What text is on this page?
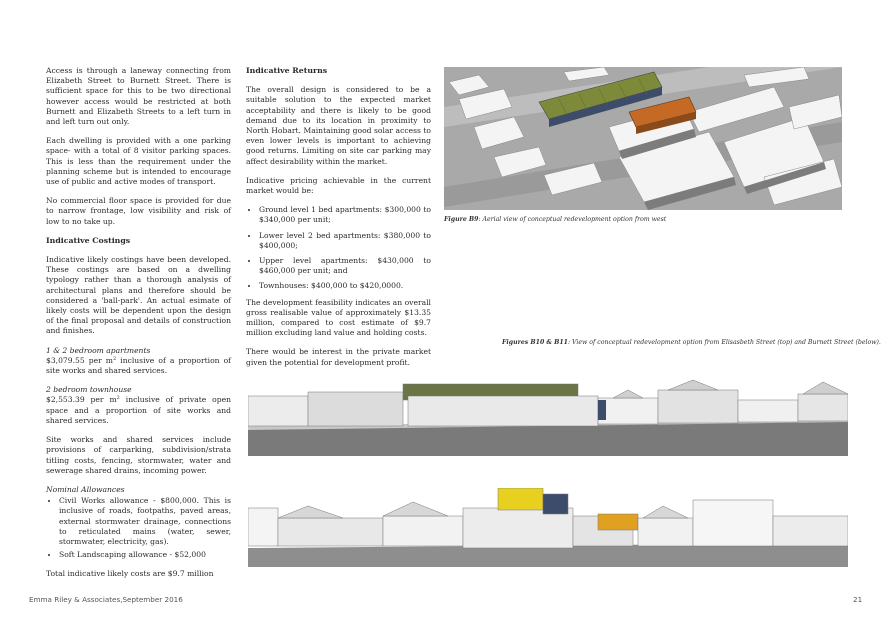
Access is through a laneway connecting from Elizabeth Street to Burnett Street. There is sufficient space for this to be two directional however access would be restricted at both Burnett and Elizabeth Streets to a left turn in and left turn out only.

Each dwelling is provided with a one parking space- with a total of 8 visitor parking spaces. This is less than the requirement under the planning scheme but is intended to encourage use of public and active modes of transport.

No commercial floor space is provided for due to narrow frontage, low visibility and risk of low to no take up.

Indicative Costings

Indicative likely costings have been developed. These costings are based on a dwelling typology rather than a thorough analysis of architectural plans and therefore should be considered a 'ball-park'. An actual esimate of likely costs will be dependent upon the design of the final proposal and details of construction and finishes.

1 & 2 bedroom apartments
$3,079.55 per $m^2$ inclusive of a proportion of site works and shared services.

2 bedroom townhouse
$2,553.39 per $m^2$ inclusive of private open space and a proportion of site works and shared services.

Site works and shared services include provisions of carparking, subdivision/strata titling costs, fencing, stormwater, water and sewerage shared drains, incoming power.

Nominal Allowances
• Civil Works allowance - $800,000. This is inclusive of roads, footpaths, paved areas, external stormwater drainage, connections to reticulated mains (water, sewer, stormwater, electricity, gas).
• Soft Landscaping allowance - $52,000

Total indicative likely costs are $9.7 million

Indicative Returns

The overall design is considered to be a suitable solution to the expected market acceptability and there is likely to be good demand due to its location in proximity to North Hobart. Maintaining good solar access to even lower levels is important to achieving good returns. Limiting on site car parking may affect desirability within the market.

Indicative pricing achievable in the current market would be:

• Ground level 1 bed apartments: $300,000 to $340,000 per unit;
• Lower level 2 bed apartments: $380,000 to $400,000;
• Upper level apartments: $430,000 to $460,000 per unit; and
• Townhouses: $400,000 to $420,0000.

The development feasibility indicates an overall gross realisable value of approximately $13.35 million, compared to cost estimate of $9.7 million excluding land value and holding costs.

There would be interest in the private market given the potential for development profit.

Figure B9: Aerial view of conceptual redevelopment option from west
Figures B10 & B11: View of conceptual redevelopment option from Elisasbeth Street (top) and Burnett Street (below).
Emma Riley & Associates,September 2016	21
